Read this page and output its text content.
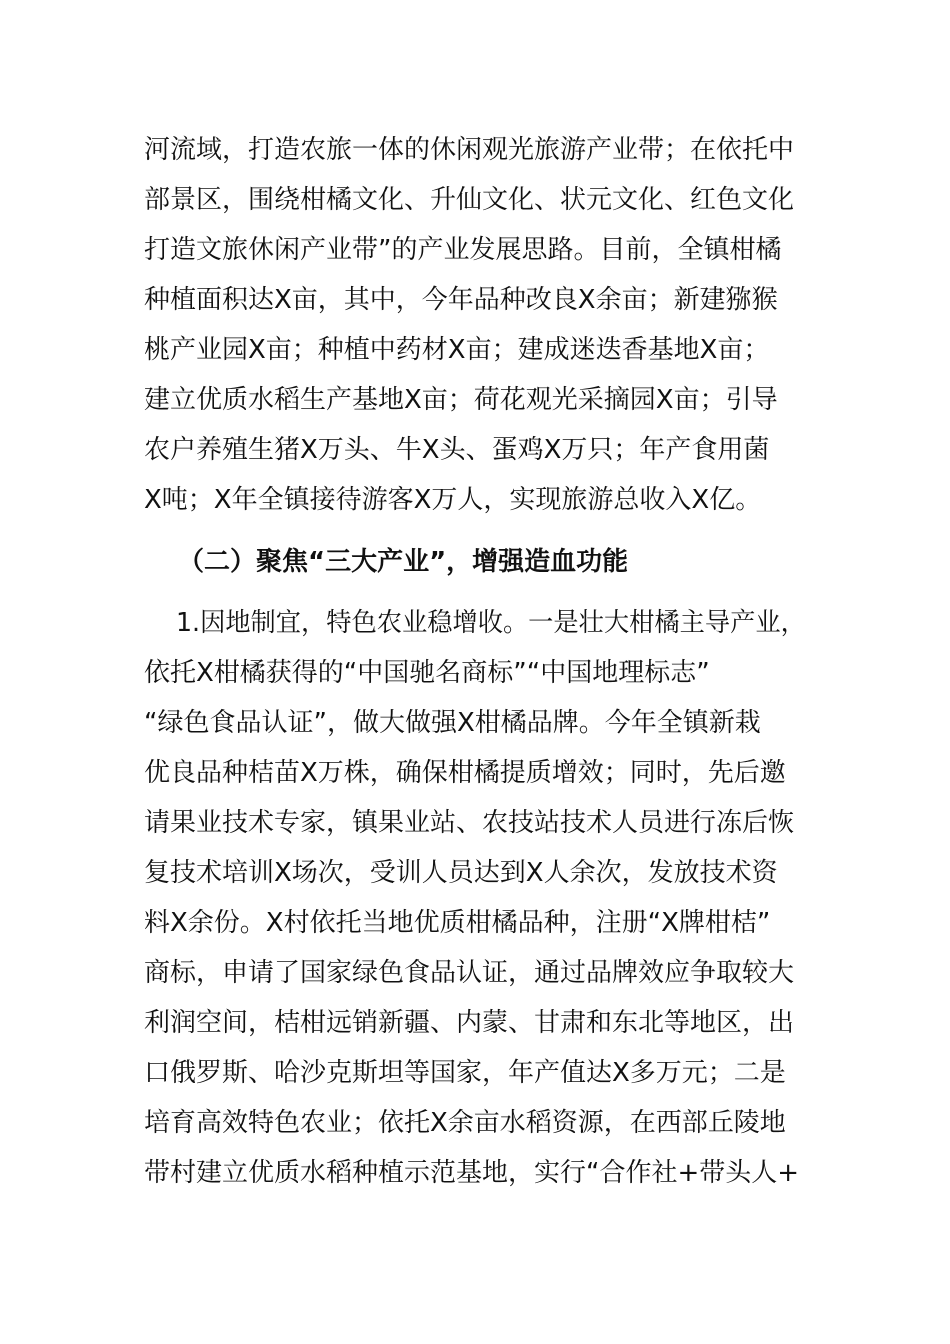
河流域，打造农旅一体的休闲观光旅游产业带；在依托中
部景区，围绕柑橘文化、升仙文化、状元文化、红色文化
打造文旅休闲产业带”的产业发展思路。目前，全镇柑橘
种植面积达X亩，其中，今年品种改良X余亩；新建猕猴
桃产业园X亩；种植中药材X亩；建成迷迭香基地X亩；
建立优质水稻生产基地X亩；荷花观光采摘园X亩；引导
农户养殖生猪X万头、牛X头、蛋鸡X万只；年产食用菌
X吨；X年全镇接待游客X万人，实现旅游总收入X亿。
（二）聚焦“三大产业”，增强造血功能
1.因地制宜，特色农业稳增收。一是壮大柑橘主导产业，
依托X柑橘获得的“中国驰名商标”“中国地理标志”
“绿色食品认证”，做大做强X柑橘品牌。今年全镇新栽
优良品种桔苗X万株，确保柑橘提质增效；同时，先后邀
请果业技术专家，镇果业站、农技站技术人员进行冻后恢
复技术培训X场次，受训人员达到X人余次，发放技术资
料X余份。X村依托当地优质柑橘品种，注册“X牌柑桔”
商标，申请了国家绿色食品认证，通过品牌效应争取较大
利润空间，桔柑远销新疆、内蒙、甘肃和东北等地区，出
口俄罗斯、哈沙克斯坦等国家，年产值达X多万元；二是
培育高效特色农业；依托X余亩水稻资源，在西部丘陵地
带村建立优质水稻种植示范基地，实行“合作社+带头人+
